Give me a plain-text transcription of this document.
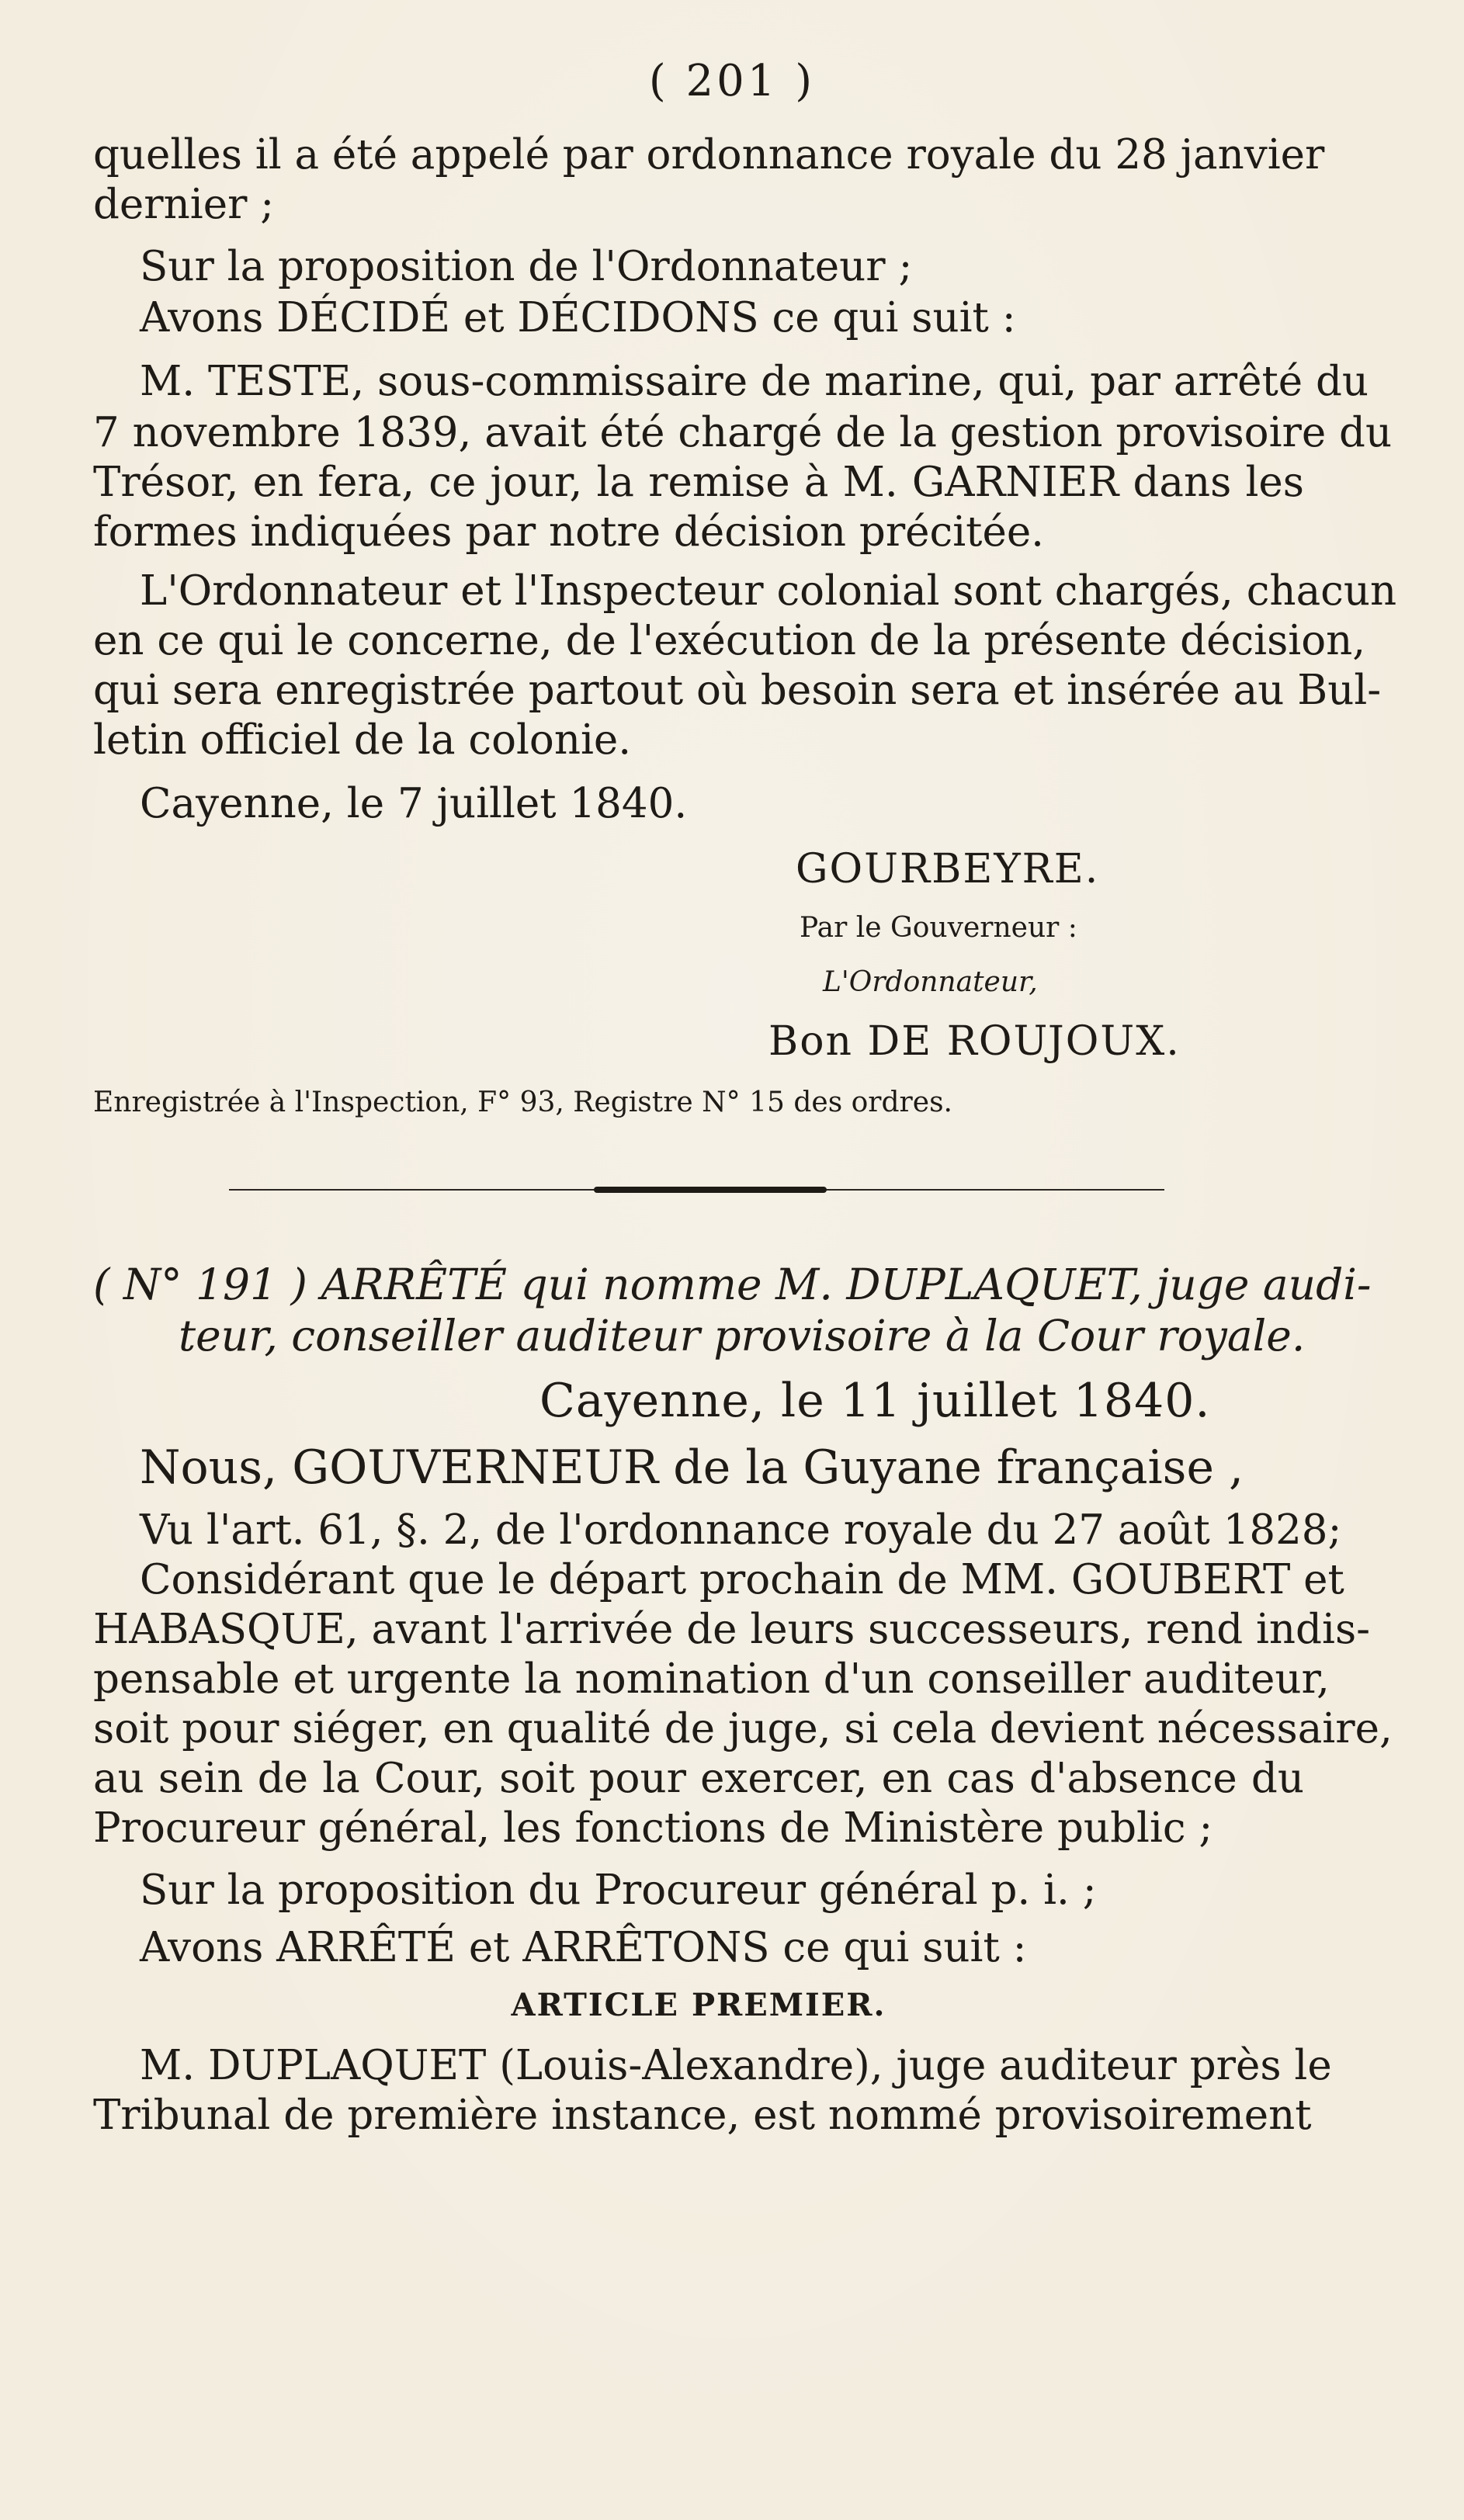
( 201 )
quelles il a été appelé par ordonnance royale du 28 janvier
dernier ;
Sur la proposition de l'Ordonnateur ;
Avons DÉCIDÉ et DÉCIDONS ce qui suit :
M. TESTE, sous-commissaire de marine, qui, par arrêté du
7 novembre 1839, avait été chargé de la gestion provisoire du
Trésor, en fera, ce jour, la remise à M. GARNIER dans les
formes indiquées par notre décision précitée.
L'Ordonnateur et l'Inspecteur colonial sont chargés, chacun
en ce qui le concerne, de l'exécution de la présente décision,
qui sera enregistrée partout où besoin sera et insérée au Bul-
letin officiel de la colonie.
Cayenne, le 7 juillet 1840.
GOURBEYRE.
Par le Gouverneur :
L'Ordonnateur,
Bon DE ROUJOUX.
Enregistrée à l'Inspection, F° 93, Registre N° 15 des ordres.
( N° 191 ) ARRÊTÉ qui nomme M. DUPLAQUET, juge audi-
teur, conseiller auditeur provisoire à la Cour royale.
Cayenne, le 11 juillet 1840.
Nous, GOUVERNEUR de la Guyane française ,
Vu l'art. 61, §. 2, de l'ordonnance royale du 27 août 1828;
Considérant que le départ prochain de MM. GOUBERT et
HABASQUE, avant l'arrivée de leurs successeurs, rend indis-
pensable et urgente la nomination d'un conseiller auditeur,
soit pour siéger, en qualité de juge, si cela devient nécessaire,
au sein de la Cour, soit pour exercer, en cas d'absence du
Procureur général, les fonctions de Ministère public ;
Sur la proposition du Procureur général p. i. ;
Avons ARRÊTÉ et ARRÊTONS ce qui suit :
ARTICLE PREMIER.
M. DUPLAQUET (Louis-Alexandre), juge auditeur près le
Tribunal de première instance, est nommé provisoirement
